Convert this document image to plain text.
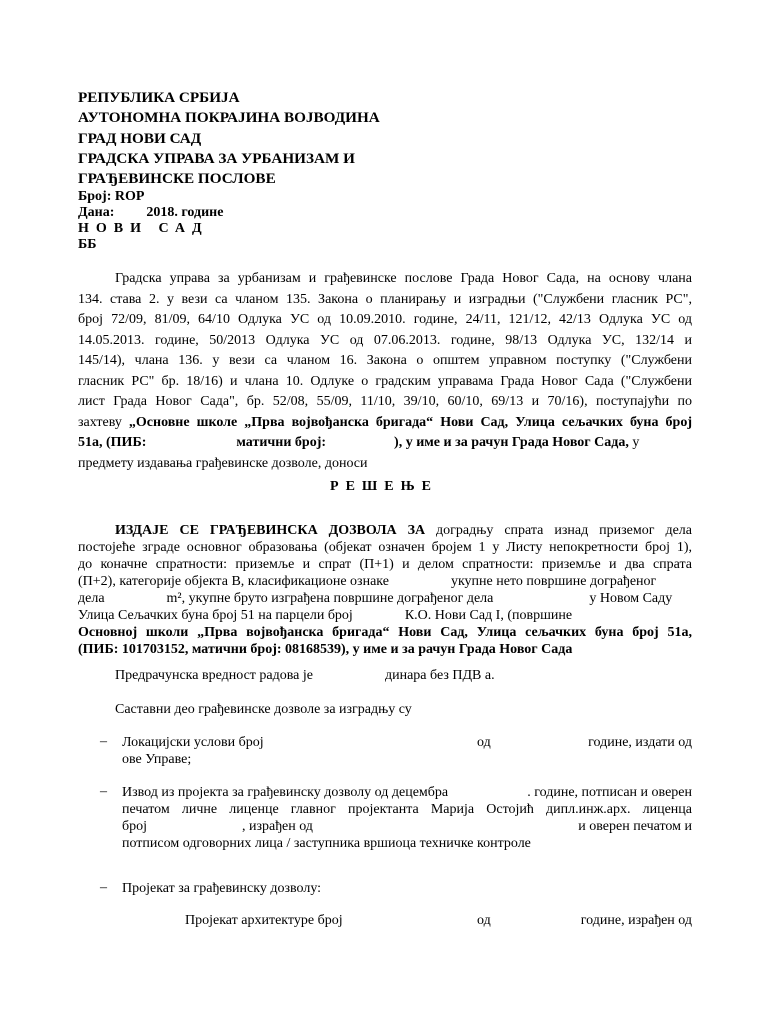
РЕПУБЛИКА СРБИЈА
АУТОНОМНА ПОКРАЈИНА ВОЈВОДИНА
ГРАД НОВИ САД
ГРАДСКА УПРАВА ЗА УРБАНИЗАМ И
ГРАЂЕВИНСКЕ ПОСЛОВЕ
Број: ROP
Дана: 2018. године
НОВИ САД
ББ
Градска управа за урбанизам и грађевинске послове Града Новог Сада, на основу члана
134. става 2. у вези са чланом 135. Закона о планирању и изградњи ("Службени гласник РС",
број 72/09, 81/09, 64/10 Одлука УС од 10.09.2010. године, 24/11, 121/12, 42/13 Одлука УС од
14.05.2013. године, 50/2013 Одлука УС од 07.06.2013. године, 98/13 Одлука УС, 132/14 и
145/14), члана 136. у вези са чланом 16. Закона о општем управном поступку ("Службени
гласник РС" бр. 18/16) и члана 10. Одлуке о градским управама Града Новог Сада ("Службени
лист Града Новог Сада", бр. 52/08, 55/09, 11/10, 39/10, 60/10, 69/13 и 70/16), поступајући по
захтеву „Основне школе „Прва војвођанска бригада“ Нови Сад, Улица сељачких буна број
51а, (ПИБ:	матични број:	), у име и за рачун Града Новог Сада, у
предмету издавања грађевинске дозволе, доноси
РЕШЕЊЕ
ИЗДАЈЕ СЕ ГРАЂЕВИНСКА ДОЗВОЛА ЗА доградњу спрата изнад приземог дела
постојеће зграде основног образовања (објекат означен бројем 1 у Листу непокретности број 1),
до коначне спратности: приземље и спрат (П+1) и делом спратности: приземље и два спрата
(П+2), категорије објекта В, класификационе ознаке	укупне нето површине дограђеног
дела	m², укупне бруто изграђена површине дограђеног дела	у Новом Саду
Улица Сељачких буна број 51 на парцели број	К.О. Нови Сад I, (површине
Основној школи „Прва војвођанска бригада“ Нови Сад, Улица сељачких буна број 51а,
(ПИБ: 101703152, матични број: 08168539), у име и за рачун Града Новог Сада
Предрачунска вредност радова је	динара без ПДВ а.
Саставни део грађевинске дозволе за изградњу су
– Локацијски услови број	од	године, издати од
ове Управе;
– Извод из пројекта за грађевинску дозволу од децембра	. године, потписан и оверен
печатом личне лиценце главног пројектанта Марија Остојић дипл.инж.арх. лиценца
број	, израђен од	и оверен печатом и
потписом одговорних лица / заступника вршиоца техничке контроле
– Пројекат за грађевинску дозволу:
Пројекат архитектуре број	од	године, израђен од
